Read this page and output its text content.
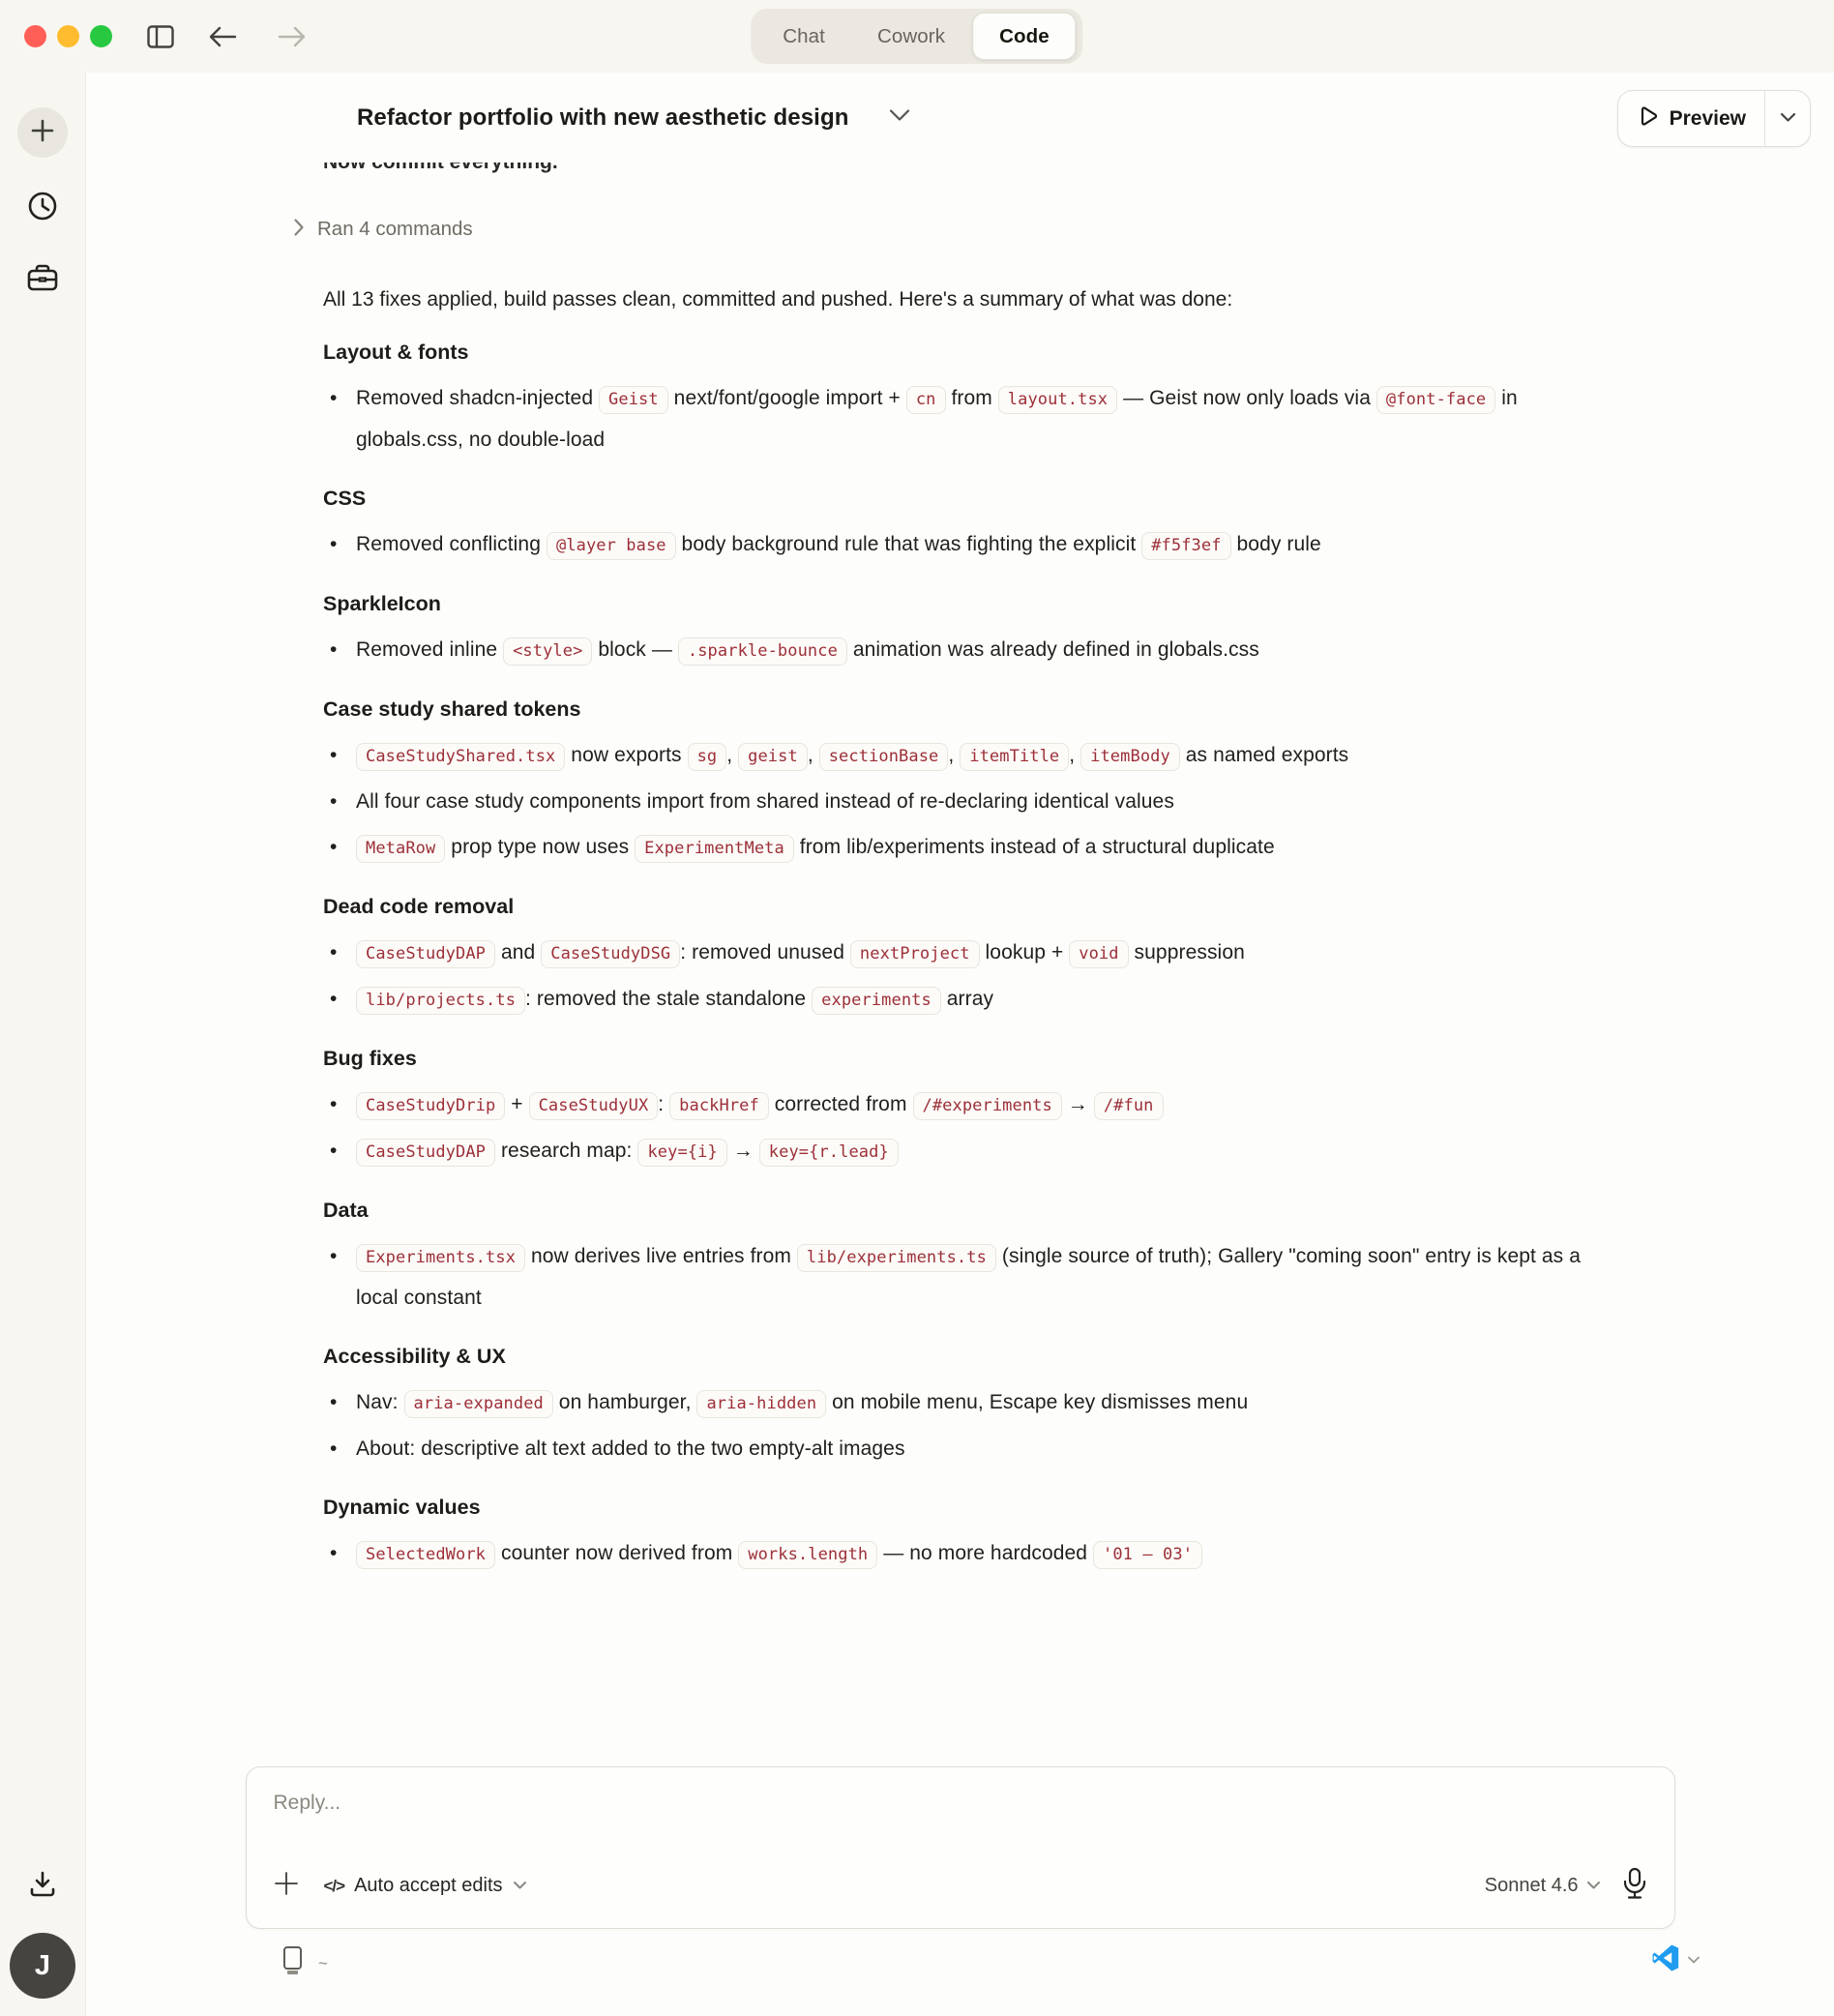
Chat	Cowork	Code
J
Refactor portfolio with new aesthetic design	Preview
Ran 4 commands
All 13 fixes applied, build passes clean, committed and pushed. Here's a summary of what was done:
Layout & fonts
• Removed shadcn-injected Geist next/font/google import + cn from layout.tsx — Geist now only loads via @font-face in globals.css, no double-load
CSS
• Removed conflicting @layer base body background rule that was fighting the explicit #f5f3ef body rule
SparkleIcon
• Removed inline <style> block — .sparkle-bounce animation was already defined in globals.css
Case study shared tokens
•	CaseStudyShared.tsx now exports sg , geist , sectionBase , itemTitle , itemBody as named exports
• All four case study components import from shared instead of re-declaring identical values
•	MetaRow prop type now uses ExperimentMeta from lib/experiments instead of a structural duplicate
Dead code removal
•	CaseStudyDAP and CaseStudyDSG : removed unused nextProject lookup + void suppression
•	lib/projects.ts : removed the stale standalone experiments array
Bug fixes
•	CaseStudyDrip + CaseStudyUX : backHref corrected from /#experiments → /#fun
•	CaseStudyDAP research map: key={i} → key={r.lead}
Data
•	Experiments.tsx now derives live entries from lib/experiments.ts (single source of truth); Gallery "coming soon" entry is kept as a local constant
Accessibility & UX
• Nav: aria-expanded on hamburger, aria-hidden on mobile menu, Escape key dismisses menu
• About: descriptive alt text added to the two empty-alt images
Dynamic values
•	SelectedWork counter now derived from works.length — no more hardcoded '01 — 03'
Reply...
</> Auto accept edits	Sonnet 4.6
~
